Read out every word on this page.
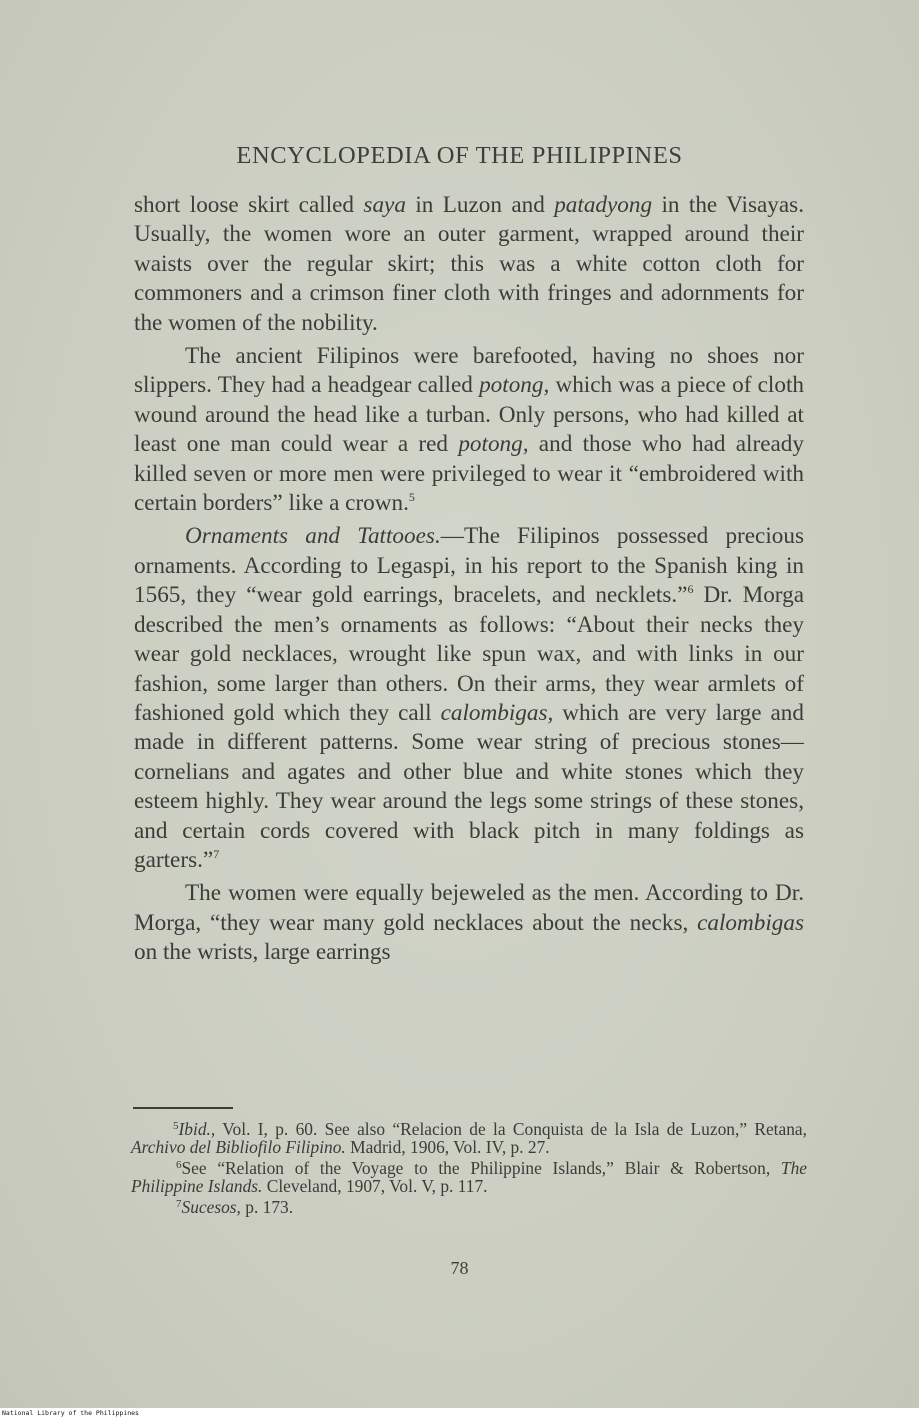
ENCYCLOPEDIA OF THE PHILIPPINES

short loose skirt called saya in Luzon and patadyong in the Visayas. Usually, the women wore an outer garment, wrapped around their waists over the regular skirt; this was a white cotton cloth for commoners and a crimson finer cloth with fringes and adornments for the women of the nobility.

The ancient Filipinos were barefooted, having no shoes nor slippers. They had a headgear called potong, which was a piece of cloth wound around the head like a turban. Only persons, who had killed at least one man could wear a red potong, and those who had already killed seven or more men were privileged to wear it “embroidered with certain borders” like a crown.$^5$

Ornaments and Tattooes.—The Filipinos possessed precious ornaments. According to Legaspi, in his report to the Spanish king in 1565, they “wear gold earrings, bracelets, and necklets.”$^6$ Dr. Morga described the men’s ornaments as follows: “About their necks they wear gold necklaces, wrought like spun wax, and with links in our fashion, some larger than others. On their arms, they wear armlets of fashioned gold which they call calombigas, which are very large and made in different patterns. Some wear string of precious stones—cornelians and agates and other blue and white stones which they esteem highly. They wear around the legs some strings of these stones, and certain cords covered with black pitch in many foldings as garters.”$^7$

The women were equally bejeweled as the men. According to Dr. Morga, “they wear many gold necklaces about the necks, calombigas on the wrists, large earrings

$^5$Ibid., Vol. I, p. 60. See also “Relacion de la Conquista de la Isla de Luzon,” Retana, Archivo del Bibliofilo Filipino. Madrid, 1906, Vol. IV, p. 27.

$^6$See “Relation of the Voyage to the Philippine Islands,” Blair & Robertson, The Philippine Islands. Cleveland, 1907, Vol. V, p. 117.

$^7$Sucesos, p. 173.

78
National Library of the Philippines
